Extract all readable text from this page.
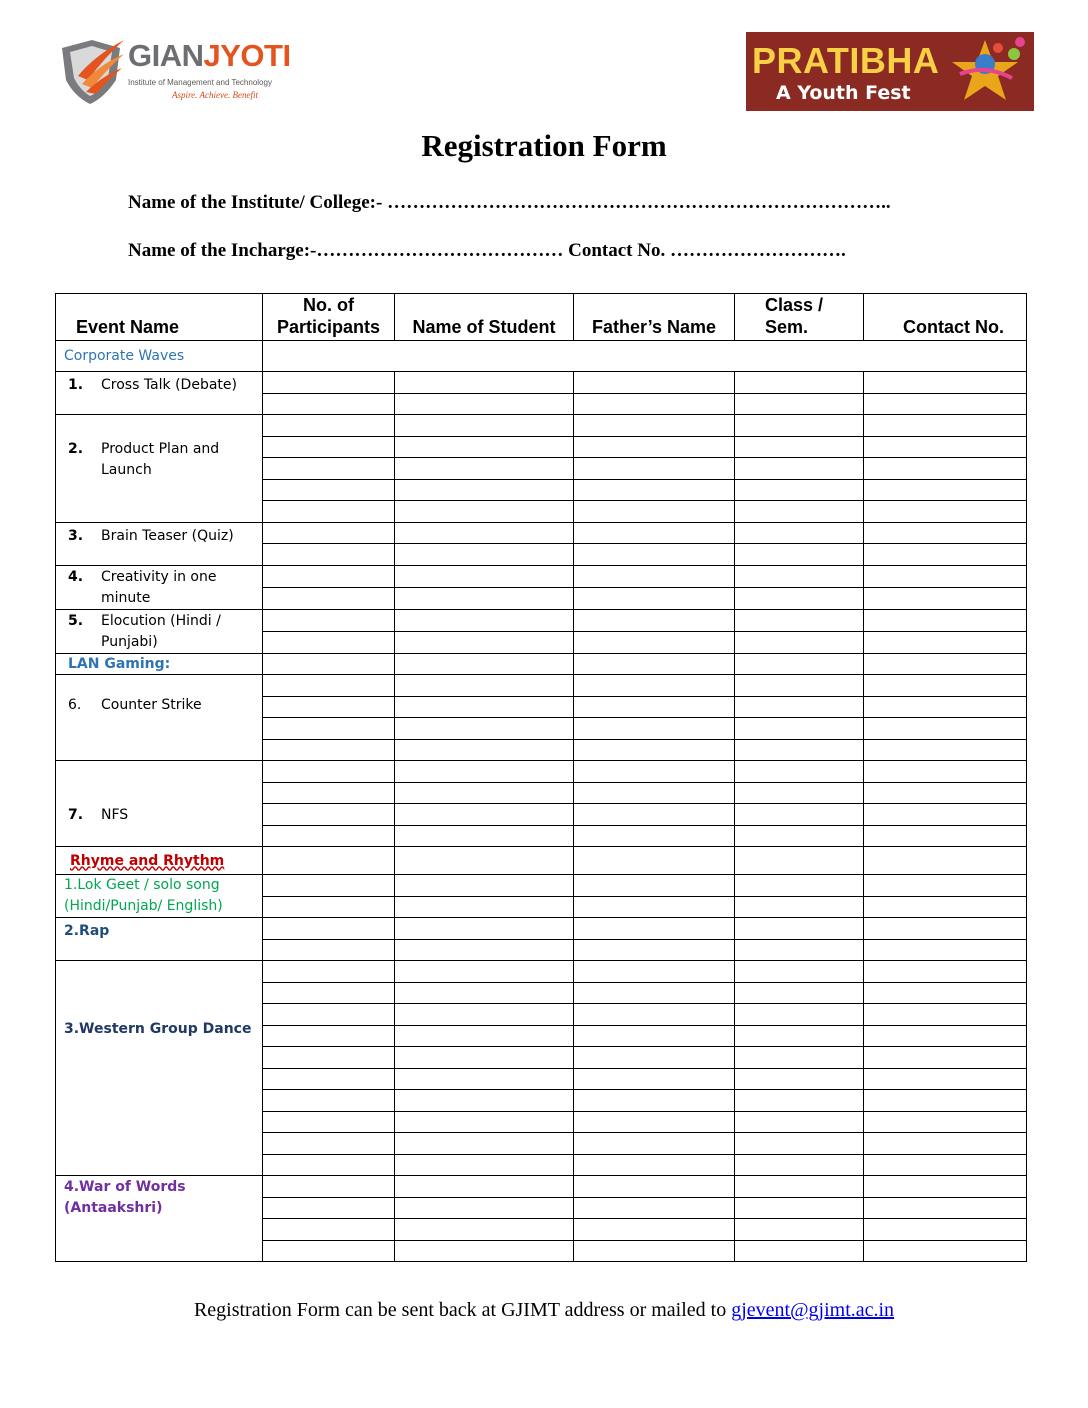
GIANJYOTI
Institute of Management and Technology
Aspire. Achieve. Benefit
PRATIBHA
A Youth Fest
Registration Form
Name of the Institute/ College:- ……………………………………………………………………..
Name of the Incharge:-………………………………… Contact No. ……………………….
Event Name	No. of Participants	Name of Student	Father’s Name	Class / Sem.	Contact No.
Corporate Waves					

1. Cross Talk (Debate)					

2. Product Plan and Launch					

3. Brain Teaser (Quiz)					

4. Creativity in one minute					

5. Elocution (Hindi / Punjabi)					

LAN Gaming:					

6. Counter Strike					

7. NFS					

Rhyme and Rhythm					
1.Lok Geet / solo song (Hindi/Punjab/ English)					

2.Rap					

3.Western Group Dance					

4.War of Words (Antaakshri)					

Registration Form can be sent back at GJIMT address or mailed to gjevent@gjimt.ac.in
